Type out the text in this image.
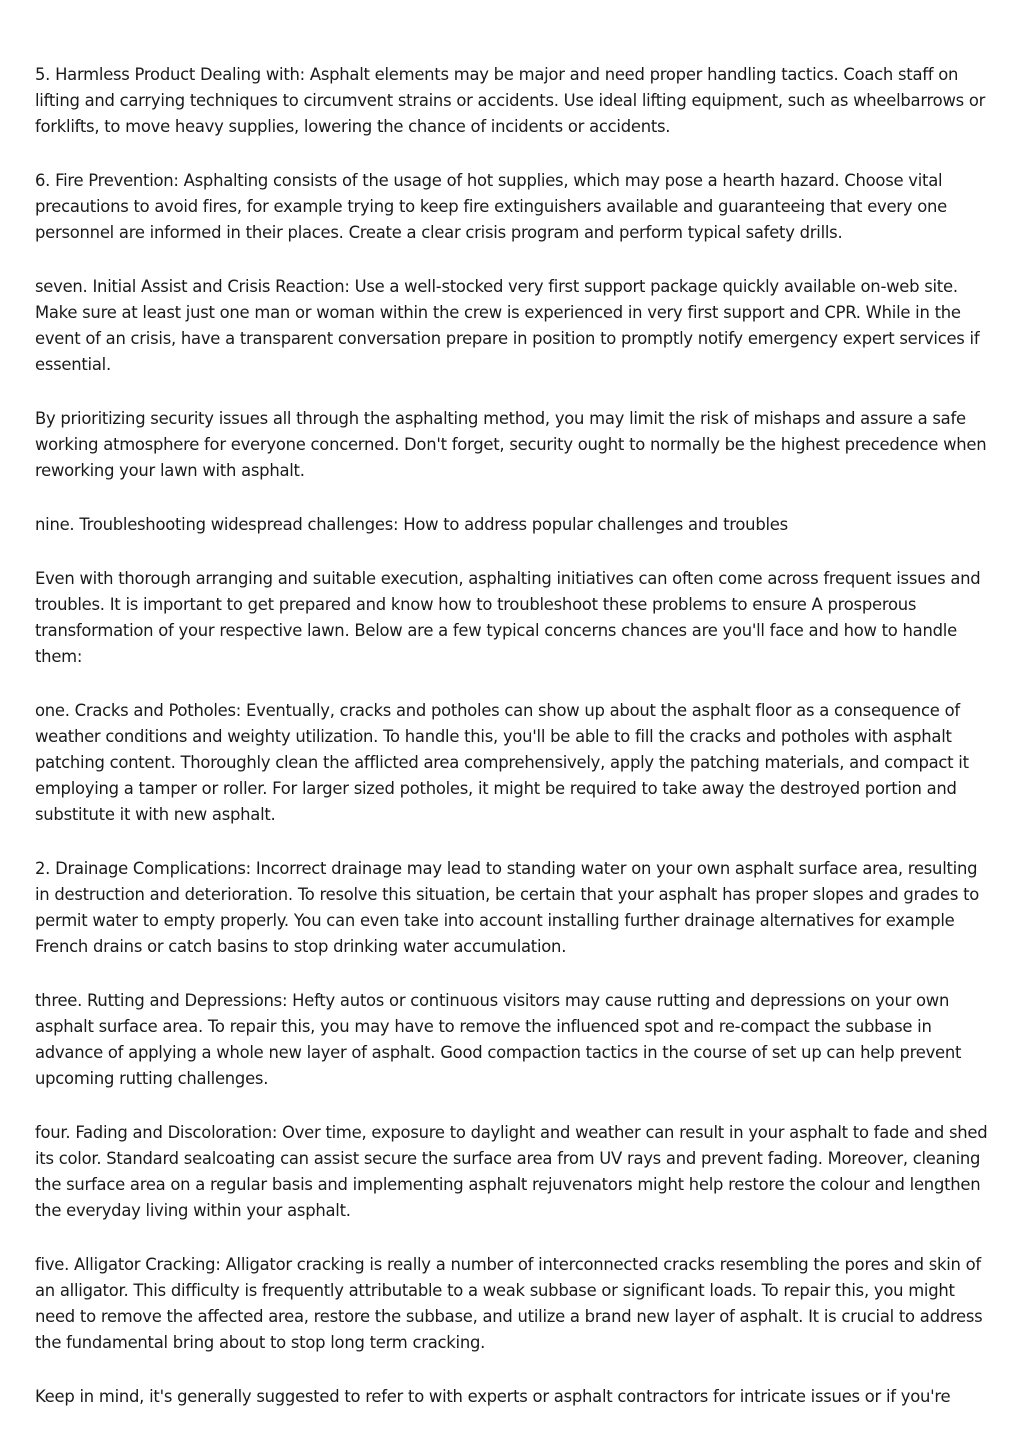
5. Harmless Product Dealing with: Asphalt elements may be major and need proper handling tactics. Coach staff on lifting and carrying techniques to circumvent strains or accidents. Use ideal lifting equipment, such as wheelbarrows or forklifts, to move heavy supplies, lowering the chance of incidents or accidents.

6. Fire Prevention: Asphalting consists of the usage of hot supplies, which may pose a hearth hazard. Choose vital precautions to avoid fires, for example trying to keep fire extinguishers available and guaranteeing that every one personnel are informed in their places. Create a clear crisis program and perform typical safety drills.

seven. Initial Assist and Crisis Reaction: Use a well-stocked very first support package quickly available on-web site. Make sure at least just one man or woman within the crew is experienced in very first support and CPR. While in the event of an crisis, have a transparent conversation prepare in position to promptly notify emergency expert services if essential.

By prioritizing security issues all through the asphalting method, you may limit the risk of mishaps and assure a safe working atmosphere for everyone concerned. Don't forget, security ought to normally be the highest precedence when reworking your lawn with asphalt.

nine. Troubleshooting widespread challenges: How to address popular challenges and troubles

Even with thorough arranging and suitable execution, asphalting initiatives can often come across frequent issues and troubles. It is important to get prepared and know how to troubleshoot these problems to ensure A prosperous transformation of your respective lawn. Below are a few typical concerns chances are you'll face and how to handle them:

one. Cracks and Potholes: Eventually, cracks and potholes can show up about the asphalt floor as a consequence of weather conditions and weighty utilization. To handle this, you'll be able to fill the cracks and potholes with asphalt patching content. Thoroughly clean the afflicted area comprehensively, apply the patching materials, and compact it employing a tamper or roller. For larger sized potholes, it might be required to take away the destroyed portion and substitute it with new asphalt.

2. Drainage Complications: Incorrect drainage may lead to standing water on your own asphalt surface area, resulting in destruction and deterioration. To resolve this situation, be certain that your asphalt has proper slopes and grades to permit water to empty properly. You can even take into account installing further drainage alternatives for example French drains or catch basins to stop drinking water accumulation.

three. Rutting and Depressions: Hefty autos or continuous visitors may cause rutting and depressions on your own asphalt surface area. To repair this, you may have to remove the influenced spot and re-compact the subbase in advance of applying a whole new layer of asphalt. Good compaction tactics in the course of set up can help prevent upcoming rutting challenges.

four. Fading and Discoloration: Over time, exposure to daylight and weather can result in your asphalt to fade and shed its color. Standard sealcoating can assist secure the surface area from UV rays and prevent fading. Moreover, cleaning the surface area on a regular basis and implementing asphalt rejuvenators might help restore the colour and lengthen the everyday living within your asphalt.

five. Alligator Cracking: Alligator cracking is really a number of interconnected cracks resembling the pores and skin of an alligator. This difficulty is frequently attributable to a weak subbase or significant loads. To repair this, you might need to remove the affected area, restore the subbase, and utilize a brand new layer of asphalt. It is crucial to address the fundamental bring about to stop long term cracking.

Keep in mind, it's generally suggested to refer to with experts or asphalt contractors for intricate issues or if you're
